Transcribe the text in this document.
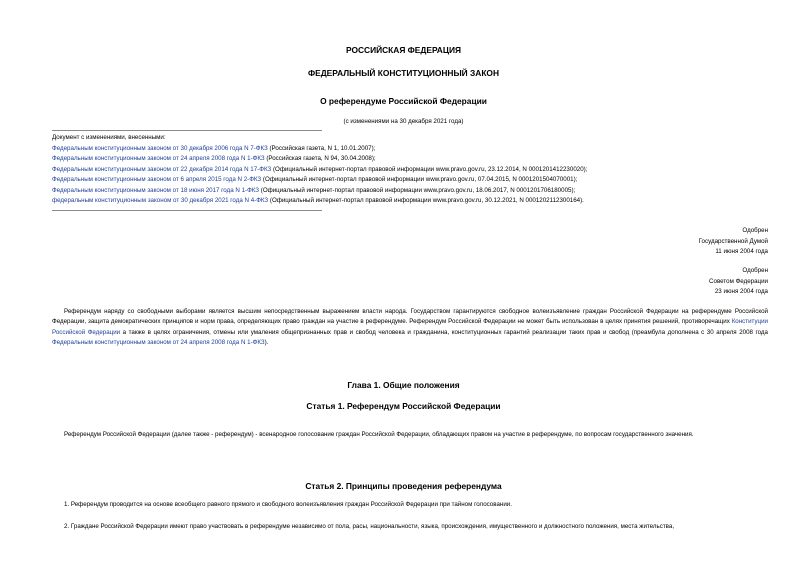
РОССИЙСКАЯ ФЕДЕРАЦИЯ
ФЕДЕРАЛЬНЫЙ КОНСТИТУЦИОННЫЙ ЗАКОН
О референдуме Российской Федерации
(с изменениями на 30 декабря 2021 года)
Документ с изменениями, внесенными:
Федеральным конституционным законом от 30 декабря 2006 года N 7-ФКЗ (Российская газета, N 1, 10.01.2007);
Федеральным конституционным законом от 24 апреля 2008 года N 1-ФКЗ (Российская газета, N 94, 30.04.2008);
Федеральным конституционным законом от 22 декабря 2014 года N 17-ФКЗ (Официальный интернет-портал правовой информации www.pravo.gov.ru, 23.12.2014, N 0001201412230020);
Федеральным конституционным законом от 6 апреля 2015 года N 2-ФКЗ (Официальный интернет-портал правовой информации www.pravo.gov.ru, 07.04.2015, N 0001201504070001);
Федеральным конституционным законом от 18 июня 2017 года N 1-ФКЗ (Официальный интернет-портал правовой информации www.pravo.gov.ru, 18.06.2017, N 0001201706180005);
федеральным конституционным законом от 30 декабря 2021 года N 4-ФКЗ (Официальный интернет-портал правовой информации www.pravo.gov.ru, 30.12.2021, N 0001202112300164).
Одобрен
Государственной Думой
11 июня 2004 года
Одобрен
Советом Федерации
23 июня 2004 года
Референдум наряду со свободными выборами является высшим непосредственным выражением власти народа. Государством гарантируются свободное волеизъявление граждан Российской Федерации на референдуме Российской Федерации, защита демократических принципов и норм права, определяющих право граждан на участие в референдуме. Референдум Российской Федерации не может быть использован в целях принятия решений, противоречащих Конституции Российской Федерации а также в целях ограничения, отмены или умаления общепризнанных прав и свобод человека и гражданина, конституционных гарантий реализации таких прав и свобод (преамбула дополнена с 30 апреля 2008 года Федеральным конституционным законом от 24 апреля 2008 года N 1-ФКЗ).
Глава 1. Общие положения
Статья 1. Референдум Российской Федерации
Референдум Российской Федерации (далее также - референдум) - всенародное голосование граждан Российской Федерации, обладающих правом на участие в референдуме, по вопросам государственного значения.
Статья 2. Принципы проведения референдума
1. Референдум проводится на основе всеобщего равного прямого и свободного волеизъявления граждан Российской Федерации при тайном голосовании.
2. Граждане Российской Федерации имеют право участвовать в референдуме независимо от пола, расы, национальности, языка, происхождения, имущественного и должностного положения, места жительства,
